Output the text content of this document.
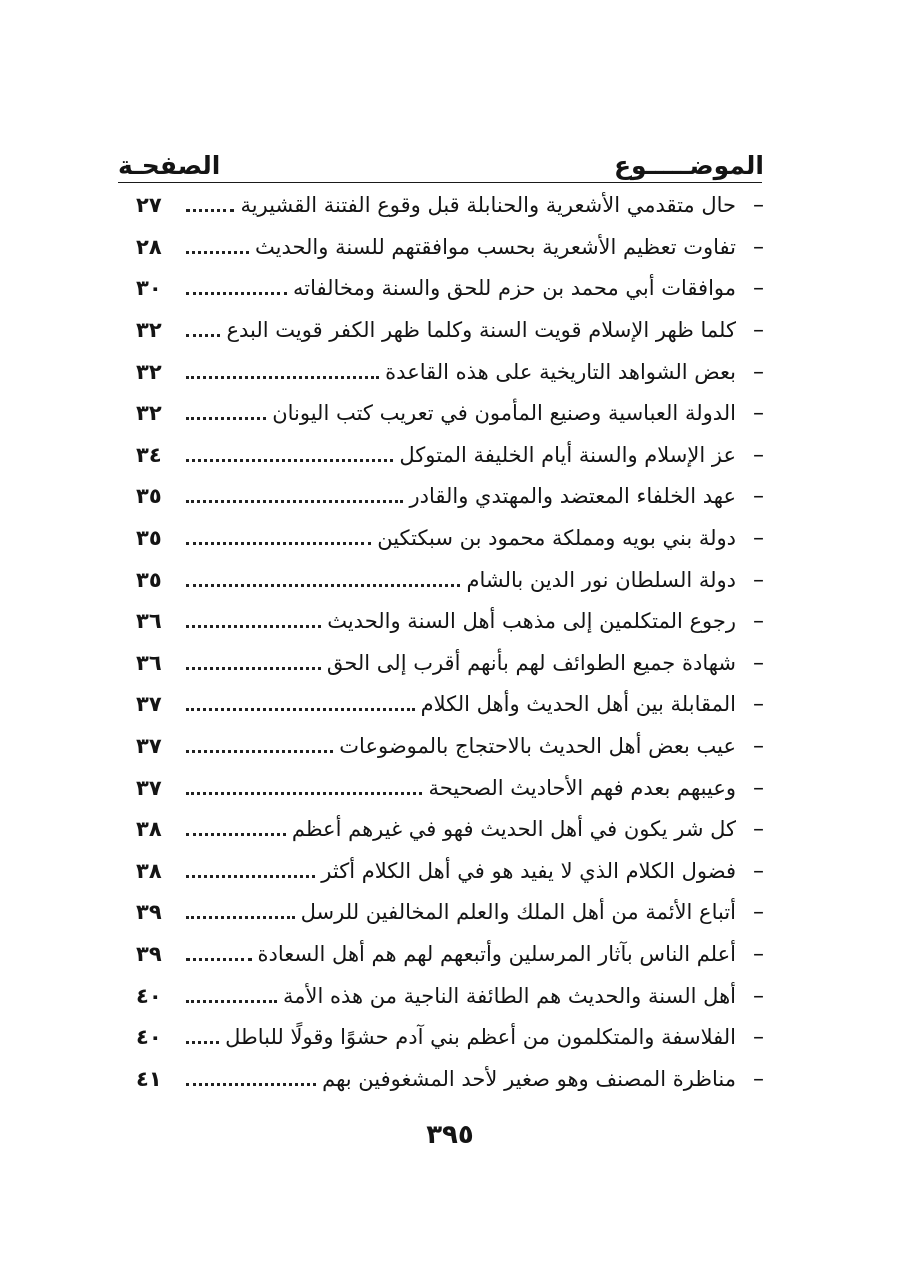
الموضـــــوع
الصفحـة
–
حال متقدمي الأشعرية والحنابلة قبل وقوع الفتنة القشيرية
٢٧
–
تفاوت تعظيم الأشعرية بحسب موافقتهم للسنة والحديث
٢٨
–
موافقات أبي محمد بن حزم للحق والسنة ومخالفاته
٣٠
–
كلما ظهر الإسلام قويت السنة وكلما ظهر الكفر قويت البدع
٣٢
–
بعض الشواهد التاريخية على هذه القاعدة
٣٢
–
الدولة العباسية وصنيع المأمون في تعريب كتب اليونان
٣٢
–
عز الإسلام والسنة أيام الخليفة المتوكل
٣٤
–
عهد الخلفاء المعتضد والمهتدي والقادر
٣٥
–
دولة بني بويه ومملكة محمود بن سبكتكين
٣٥
–
دولة السلطان نور الدين بالشام
٣٥
–
رجوع المتكلمين إلى مذهب أهل السنة والحديث
٣٦
–
شهادة جميع الطوائف لهم بأنهم أقرب إلى الحق
٣٦
–
المقابلة بين أهل الحديث وأهل الكلام
٣٧
–
عيب بعض أهل الحديث بالاحتجاج بالموضوعات
٣٧
–
وعيبهم بعدم فهم الأحاديث الصحيحة
٣٧
–
كل شر يكون في أهل الحديث فهو في غيرهم أعظم
٣٨
–
فضول الكلام الذي لا يفيد هو في أهل الكلام أكثر
٣٨
–
أتباع الأئمة من أهل الملك والعلم المخالفين للرسل
٣٩
–
أعلم الناس بآثار المرسلين وأتبعهم لهم هم أهل السعادة
٣٩
–
أهل السنة والحديث هم الطائفة الناجية من هذه الأمة
٤٠
–
الفلاسفة والمتكلمون من أعظم بني آدم حشوًا وقولًا للباطل
٤٠
–
مناظرة المصنف وهو صغير لأحد المشغوفين بهم
٤١
٣٩٥
